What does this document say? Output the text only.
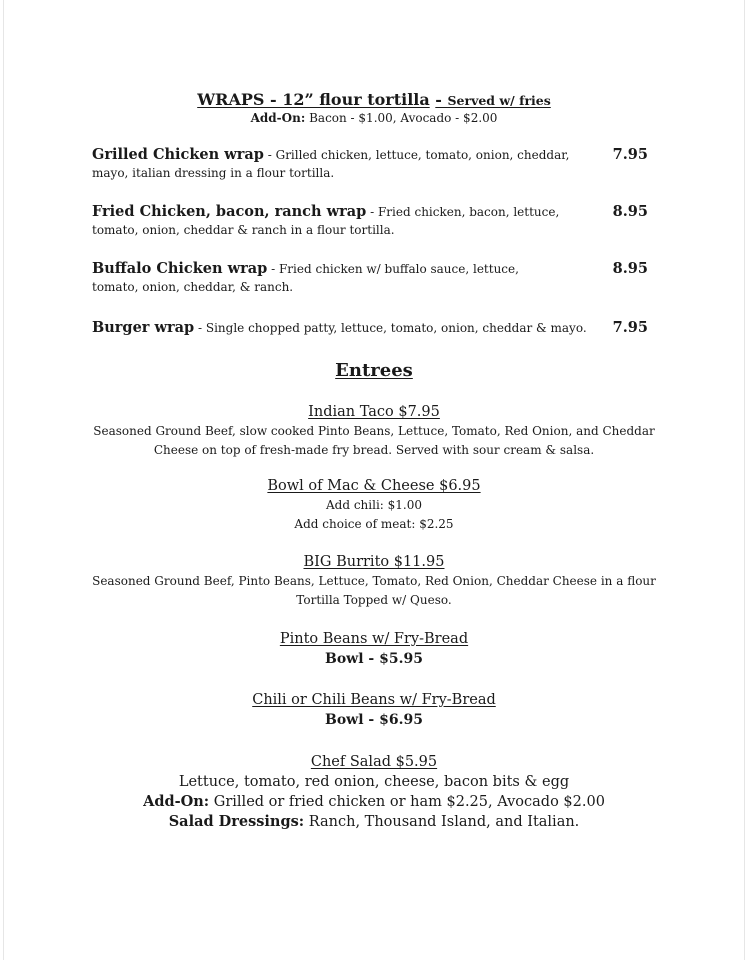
WRAPS - 12” flour tortilla - Served w/ fries
Add-On: Bacon - $1.00, Avocado - $2.00
Grilled Chicken wrap - Grilled chicken, lettuce, tomato, onion, cheddar,	7.95
mayo, italian dressing in a flour tortilla.
Fried Chicken, bacon, ranch wrap - Fried chicken, bacon, lettuce,	8.95
tomato, onion, cheddar & ranch in a flour tortilla.
Buffalo Chicken wrap - Fried chicken w/ buffalo sauce, lettuce,	8.95
tomato, onion, cheddar, & ranch.
Burger wrap - Single chopped patty, lettuce, tomato, onion, cheddar & mayo. 7.95
Entrees
Indian Taco $7.95
Seasoned Ground Beef, slow cooked Pinto Beans, Lettuce, Tomato, Red Onion, and Cheddar
Cheese on top of fresh-made fry bread. Served with sour cream & salsa.
Bowl of Mac & Cheese $6.95
Add chili: $1.00
Add choice of meat: $2.25
BIG Burrito $11.95
Seasoned Ground Beef, Pinto Beans, Lettuce, Tomato, Red Onion, Cheddar Cheese in a flour
Tortilla Topped w/ Queso.
Pinto Beans w/ Fry-Bread
Bowl - $5.95
Chili or Chili Beans w/ Fry-Bread
Bowl - $6.95
Chef Salad $5.95
Lettuce, tomato, red onion, cheese, bacon bits & egg
Add-On: Grilled or fried chicken or ham $2.25, Avocado $2.00
Salad Dressings: Ranch, Thousand Island, and Italian.
